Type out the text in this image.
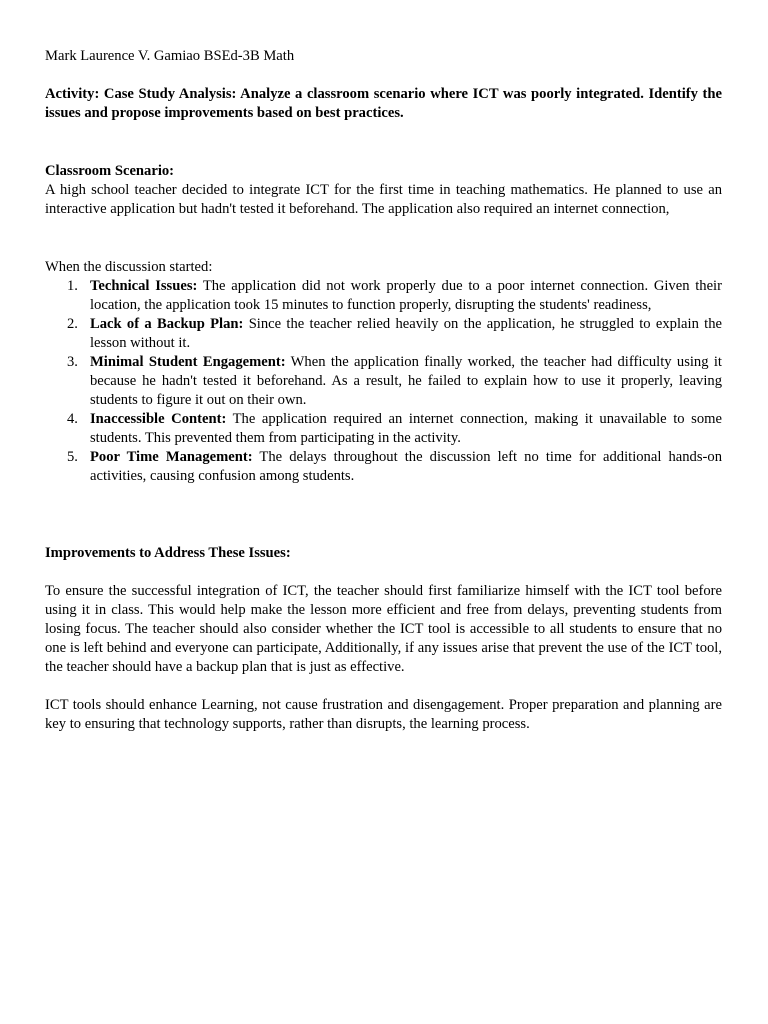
Mark Laurence V. Gamiao BSEd-3B Math

Activity: Case Study Analysis: Analyze a classroom scenario where ICT was poorly integrated. Identify the issues and propose improvements based on best practices.

Classroom Scenario:

A high school teacher decided to integrate ICT for the first time in teaching mathematics. He planned to use an interactive application but hadn't tested it beforehand. The application also required an internet connection,

When the discussion started:

1. Technical Issues: The application did not work properly due to a poor internet connection. Given their location, the application took 15 minutes to function properly, disrupting the students' readiness,
2. Lack of a Backup Plan: Since the teacher relied heavily on the application, he struggled to explain the lesson without it.
3. Minimal Student Engagement: When the application finally worked, the teacher had difficulty using it because he hadn't tested it beforehand. As a result, he failed to explain how to use it properly, leaving students to figure it out on their own.
4. Inaccessible Content: The application required an internet connection, making it unavailable to some students. This prevented them from participating in the activity.
5. Poor Time Management: The delays throughout the discussion left no time for additional hands-on activities, causing confusion among students.

Improvements to Address These Issues:

To ensure the successful integration of ICT, the teacher should first familiarize himself with the ICT tool before using it in class. This would help make the lesson more efficient and free from delays, preventing students from losing focus. The teacher should also consider whether the ICT tool is accessible to all students to ensure that no one is left behind and everyone can participate, Additionally, if any issues arise that prevent the use of the ICT tool, the teacher should have a backup plan that is just as effective.

ICT tools should enhance Learning, not cause frustration and disengagement. Proper preparation and planning are key to ensuring that technology supports, rather than disrupts, the learning process.
